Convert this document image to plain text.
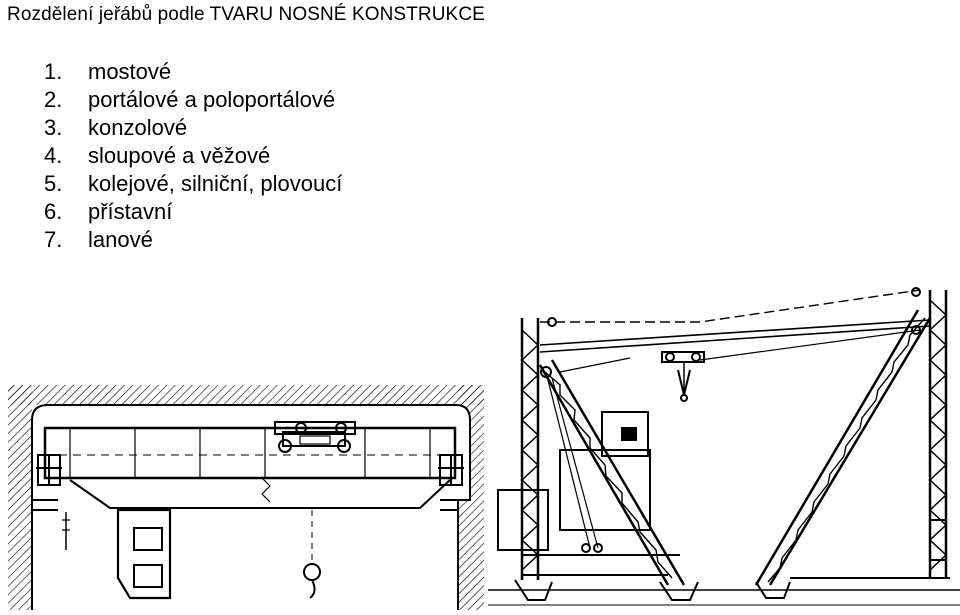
Rozdělení jeřábů podle TVARU NOSNÉ KONSTRUKCE
1. mostové
2. portálové a poloportálové
3. konzolové
4. sloupové a věžové
5. kolejové, silniční, plovoucí
6. přístavní
7. lanové
